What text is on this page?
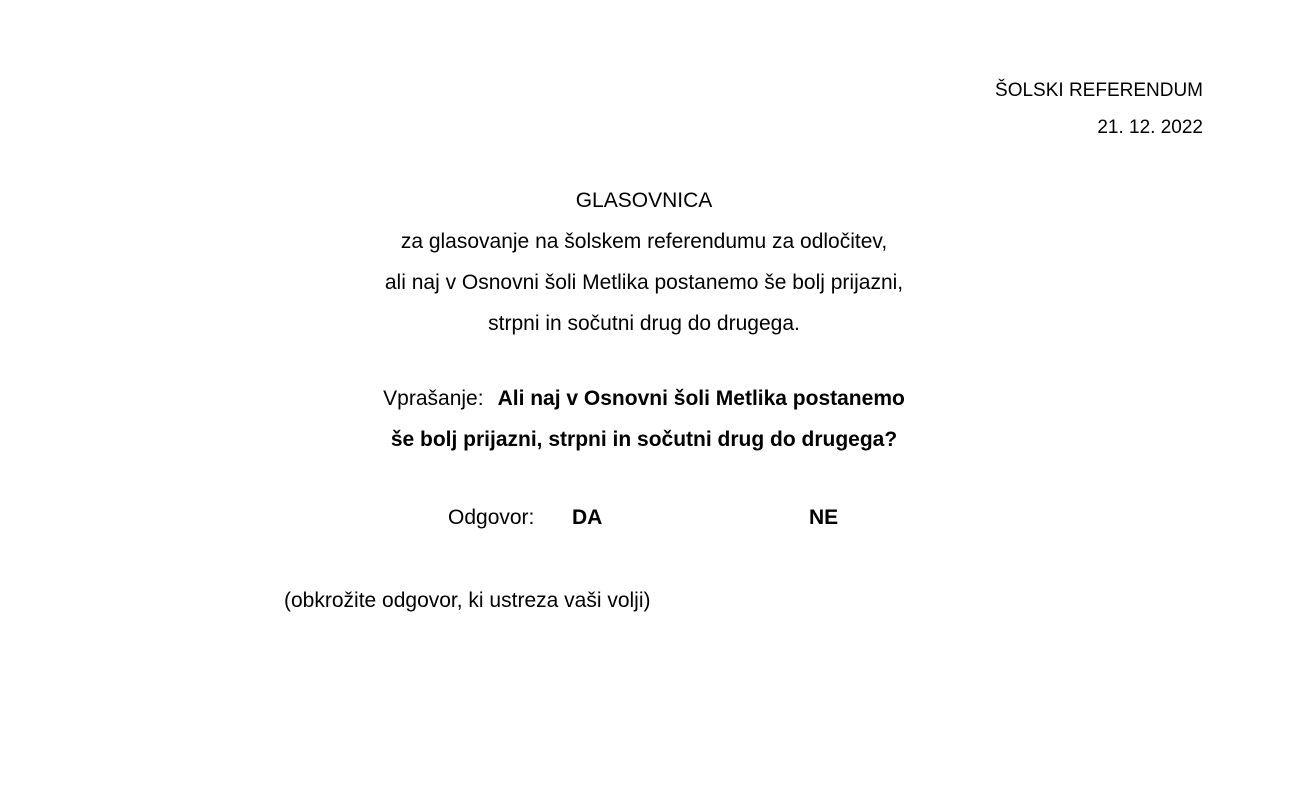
ŠOLSKI REFERENDUM
21. 12. 2022
GLASOVNICA
za glasovanje na šolskem referendumu za odločitev,
ali naj v Osnovni šoli Metlika postanemo še bolj prijazni,
strpni in sočutni drug do drugega.
Vprašanje: Ali naj v Osnovni šoli Metlika postanemo
še bolj prijazni, strpni in sočutni drug do drugega?
Odgovor: DA	NE
(obkrožite odgovor, ki ustreza vaši volji)
